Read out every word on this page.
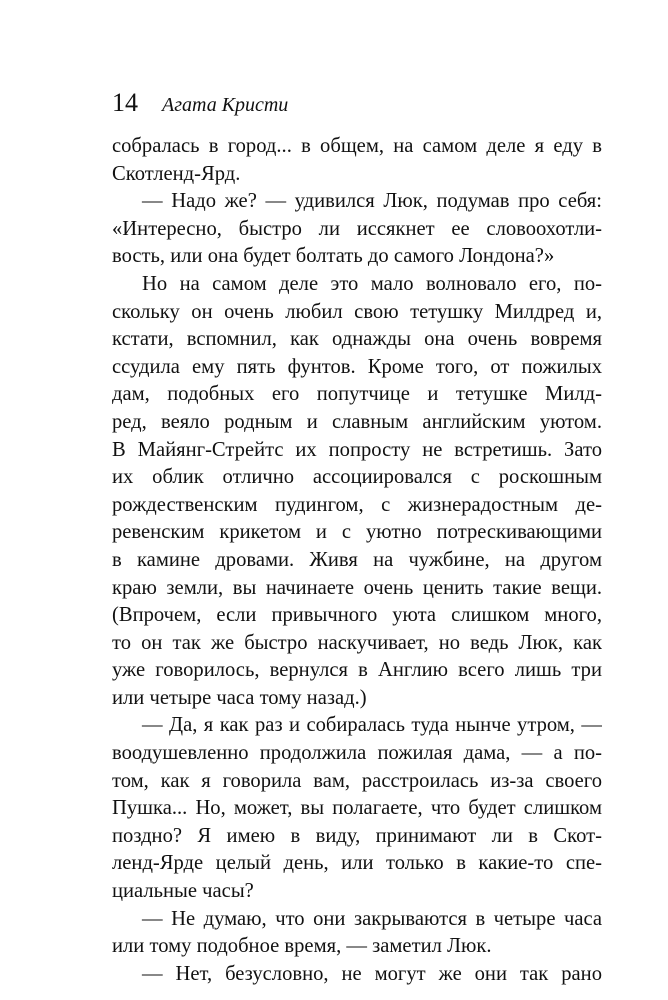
14 Агата Кристи
собралась в город... в общем, на самом деле я еду в
Скотленд-Ярд.
— Надо же? — удивился Люк, подумав про себя:
«Интересно, быстро ли иссякнет ее словоохотли-
вость, или она будет болтать до самого Лондона?»
Но на самом деле это мало волновало его, по-
скольку он очень любил свою тетушку Милдред и,
кстати, вспомнил, как однажды она очень вовремя
ссудила ему пять фунтов. Кроме того, от пожилых
дам, подобных его попутчице и тетушке Милд-
ред, веяло родным и славным английским уютом.
В Майянг-Стрейтс их попросту не встретишь. Зато
их облик отлично ассоциировался с роскошным
рождественским пудингом, с жизнерадостным де-
ревенским крикетом и с уютно потрескивающими
в камине дровами. Живя на чужбине, на другом
краю земли, вы начинаете очень ценить такие вещи.
(Впрочем, если привычного уюта слишком много,
то он так же быстро наскучивает, но ведь Люк, как
уже говорилось, вернулся в Англию всего лишь три
или четыре часа тому назад.)
— Да, я как раз и собиралась туда нынче утром, —
воодушевленно продолжила пожилая дама, — а по-
том, как я говорила вам, расстроилась из-за своего
Пушка... Но, может, вы полагаете, что будет слишком
поздно? Я имею в виду, принимают ли в Скот-
ленд-Ярде целый день, или только в какие-то спе-
циальные часы?
— Не думаю, что они закрываются в четыре часа
или тому подобное время, — заметил Люк.
— Нет, безусловно, не могут же они так рано
